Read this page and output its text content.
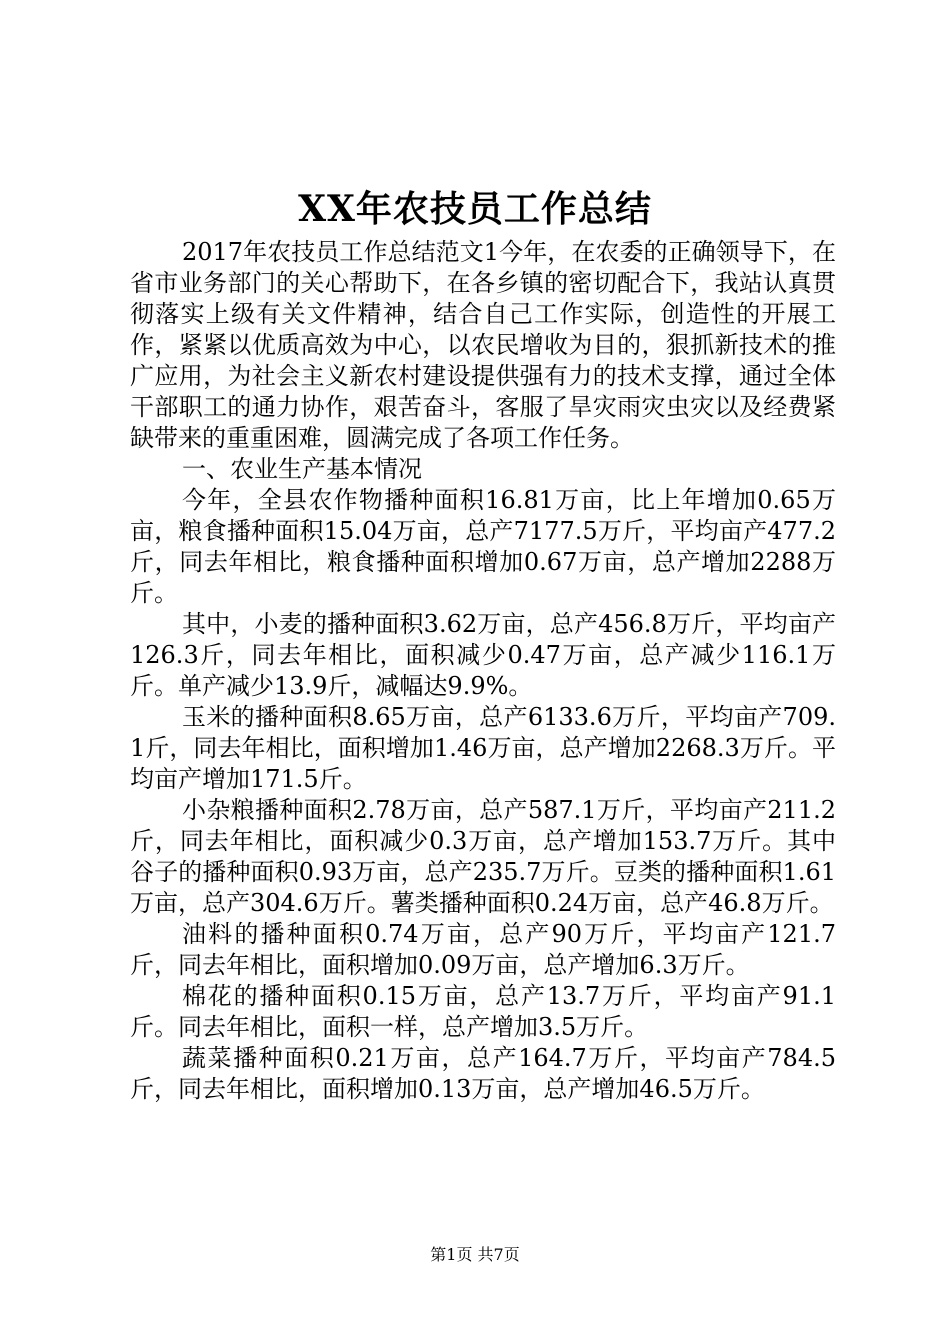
XX年农技员工作总结

2017年农技员工作总结范文1今年，在农委的正确领导下，在省市业务部门的关心帮助下，在各乡镇的密切配合下，我站认真贯彻落实上级有关文件精神，结合自己工作实际，创造性的开展工作，紧紧以优质高效为中心，以农民增收为目的，狠抓新技术的推广应用，为社会主义新农村建设提供强有力的技术支撑，通过全体干部职工的通力协作，艰苦奋斗，客服了旱灾雨灾虫灾以及经费紧缺带来的重重困难，圆满完成了各项工作任务。

一、农业生产基本情况

今年，全县农作物播种面积16.81万亩，比上年增加0.65万亩，粮食播种面积15.04万亩，总产7177.5万斤，平均亩产477.2斤，同去年相比，粮食播种面积增加0.67万亩，总产增加2288万斤。

其中，小麦的播种面积3.62万亩，总产456.8万斤，平均亩产126.3斤，同去年相比，面积减少0.47万亩，总产减少116.1万斤。单产减少13.9斤，减幅达9.9%。

玉米的播种面积8.65万亩，总产6133.6万斤，平均亩产709.1斤，同去年相比，面积增加1.46万亩，总产增加2268.3万斤。平均亩产增加171.5斤。

小杂粮播种面积2.78万亩，总产587.1万斤，平均亩产211.2斤，同去年相比，面积减少0.3万亩，总产增加153.7万斤。其中谷子的播种面积0.93万亩，总产235.7万斤。豆类的播种面积1.61万亩，总产304.6万斤。薯类播种面积0.24万亩，总产46.8万斤。

油料的播种面积0.74万亩，总产90万斤，平均亩产121.7斤，同去年相比，面积增加0.09万亩，总产增加6.3万斤。

棉花的播种面积0.15万亩，总产13.7万斤，平均亩产91.1斤。同去年相比，面积一样，总产增加3.5万斤。

蔬菜播种面积0.21万亩，总产164.7万斤，平均亩产784.5斤，同去年相比，面积增加0.13万亩，总产增加46.5万斤。

第1页 共7页
